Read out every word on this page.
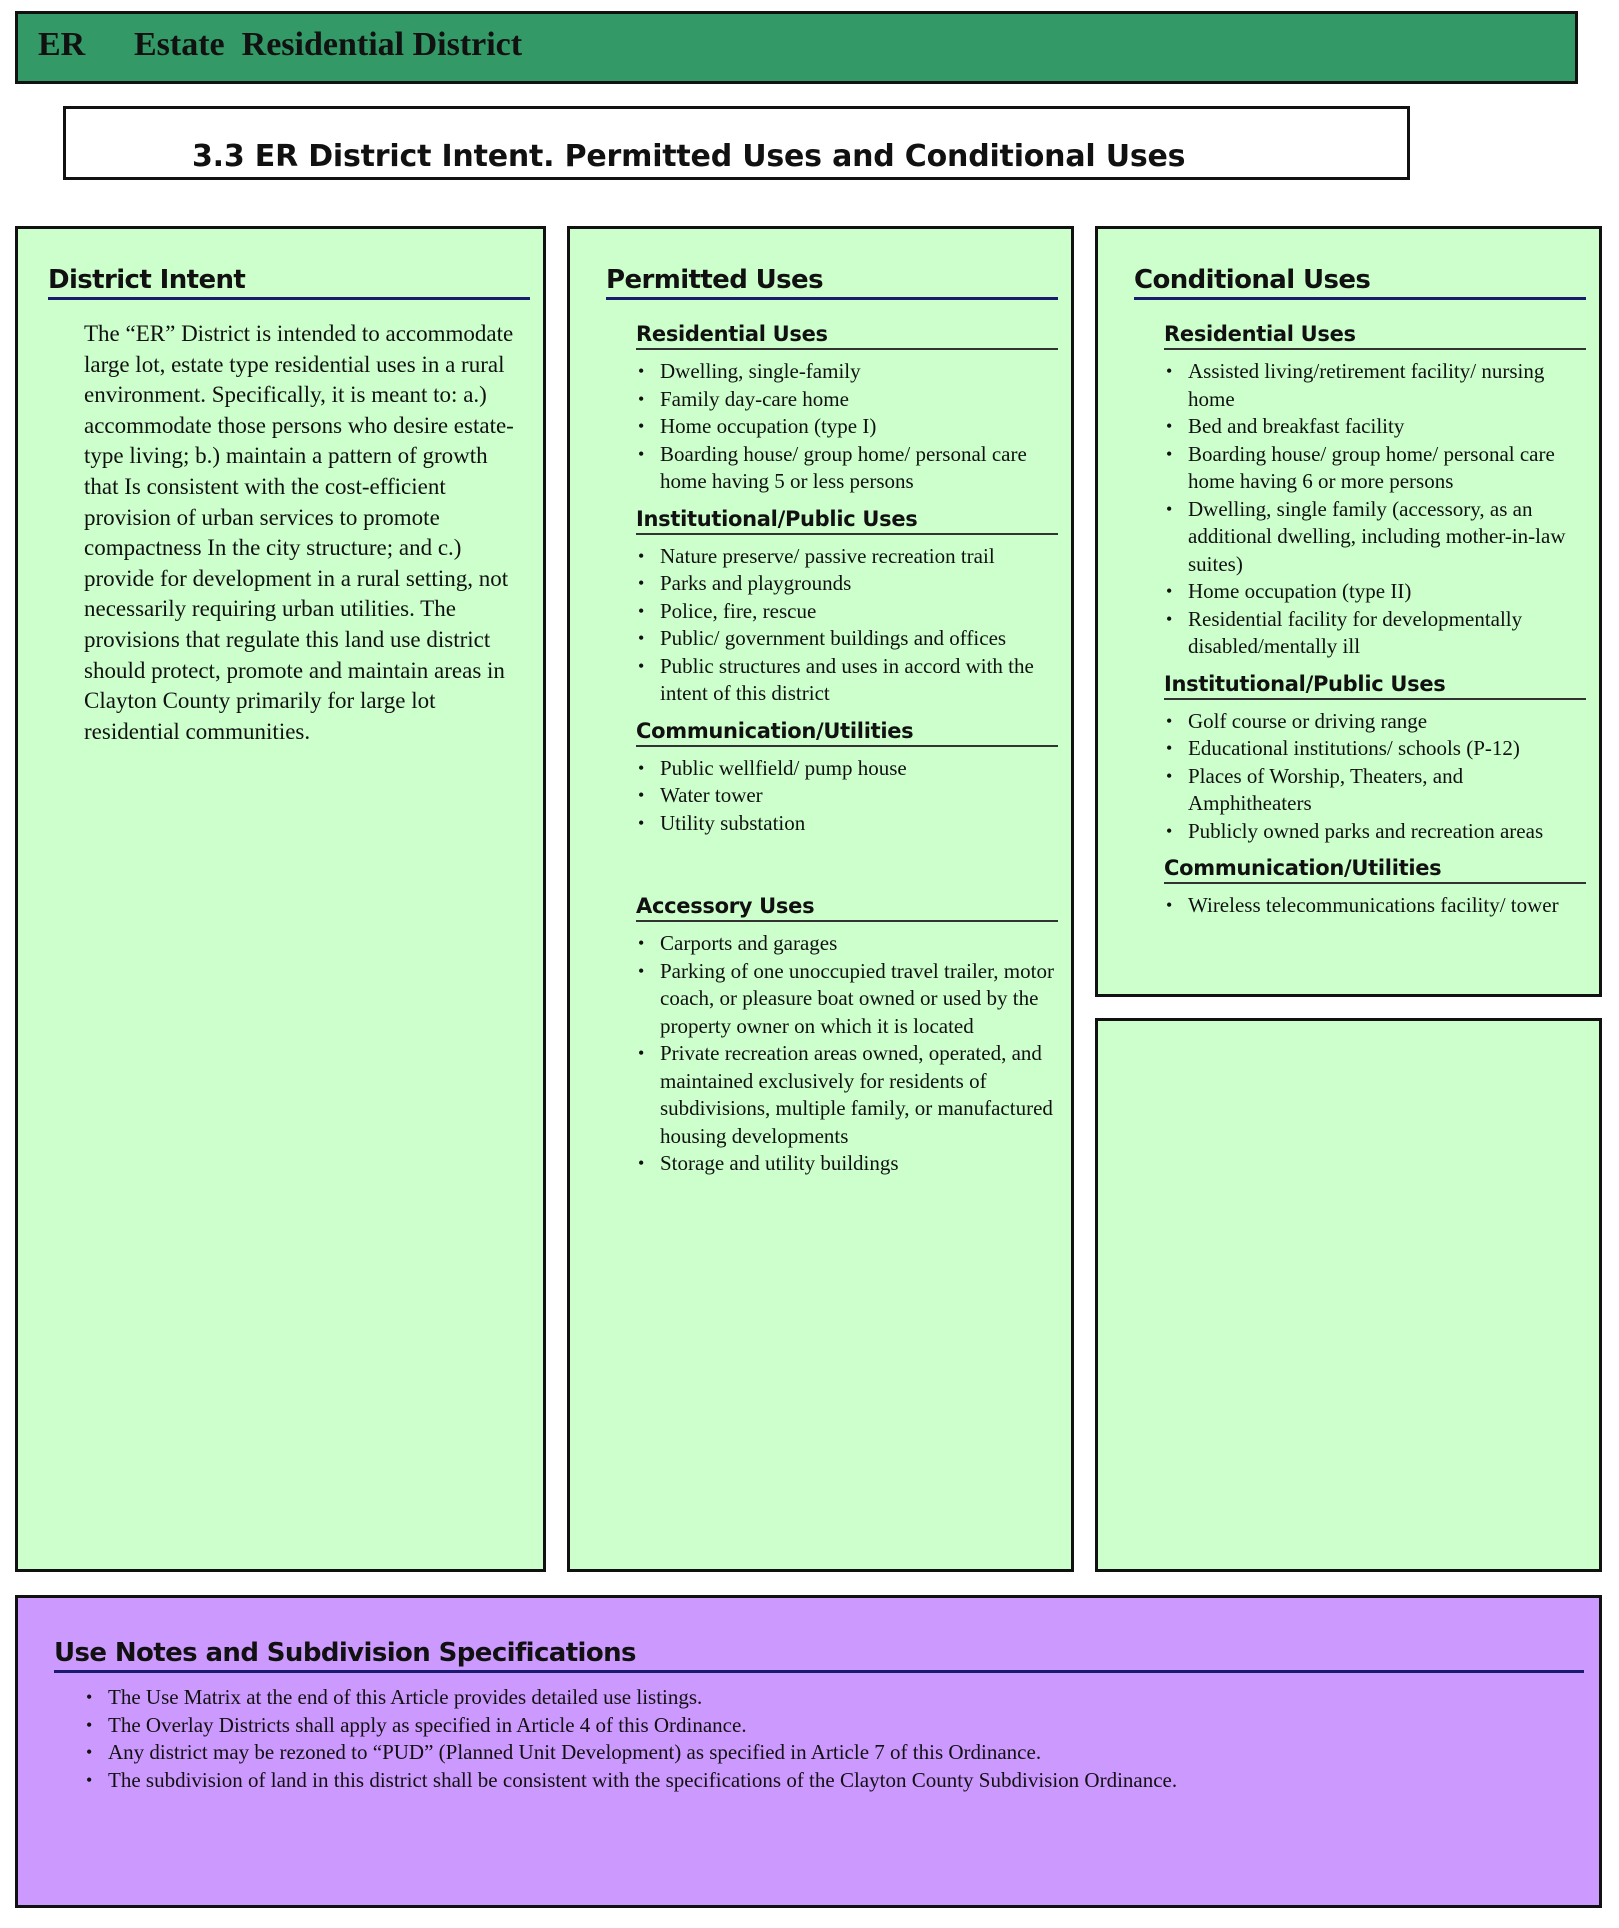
ER Estate  Residential District
3.3 ER District Intent. Permitted Uses and Conditional Uses
District Intent

The “ER” District is intended to accommodate large lot, estate type residential uses in a rural environment. Specifically, it is meant to: a.) accommodate those persons who desire estate-type living; b.) maintain a pattern of growth that Is consistent with the cost-efficient provision of urban services to promote compactness In the city structure; and c.) provide for development in a rural setting, not necessarily requiring urban utilities. The provisions that regulate this land use district should protect, promote and maintain areas in Clayton County primarily for large lot residential communities.

Permitted Uses
Residential Uses
• Dwelling, single-family
• Family day-care home
• Home occupation (type I)
• Boarding house/ group home/ personal care home having 5 or less persons
Institutional/Public Uses
• Nature preserve/ passive recreation trail
• Parks and playgrounds
• Police, fire, rescue
• Public/ government buildings and offices
• Public structures and uses in accord with the intent of this district
Communication/Utilities
• Public wellfield/ pump house
• Water tower
• Utility substation
Accessory Uses
• Carports and garages
• Parking of one unoccupied travel trailer, motor coach, or pleasure boat owned or used by the property owner on which it is located
• Private recreation areas owned, operated, and maintained exclusively for residents of subdivisions, multiple family, or manufactured housing developments
• Storage and utility buildings
Conditional Uses
Residential Uses
• Assisted living/retirement facility/ nursing home
• Bed and breakfast facility
• Boarding house/ group home/ personal care home having 6 or more persons
• Dwelling, single family (accessory, as an additional dwelling, including mother-in-law suites)
• Home occupation (type II)
• Residential facility for developmentally disabled/mentally ill
Institutional/Public Uses
• Golf course or driving range
• Educational institutions/ schools (P-12)
• Places of Worship, Theaters, and Amphitheaters
• Publicly owned parks and recreation areas
Communication/Utilities
• Wireless telecommunications facility/ tower
Use Notes and Subdivision Specifications
• The Use Matrix at the end of this Article provides detailed use listings.
• The Overlay Districts shall apply as specified in Article 4 of this Ordinance.
• Any district may be rezoned to “PUD” (Planned Unit Development) as specified in Article 7 of this Ordinance.
• The subdivision of land in this district shall be consistent with the specifications of the Clayton County Subdivision Ordinance.
